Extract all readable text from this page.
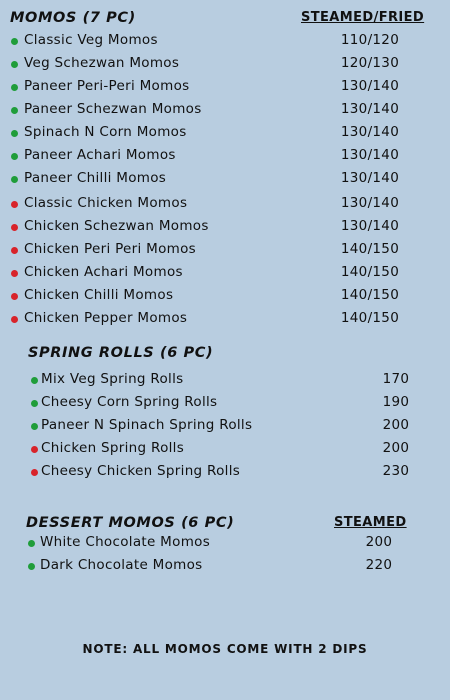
MOMOS (7 PC)	STEAMED/FRIED
Classic Veg Momos	110/120
Veg Schezwan Momos	120/130
Paneer Peri-Peri Momos	130/140
Paneer Schezwan Momos	130/140
Spinach N Corn Momos	130/140
Paneer Achari Momos	130/140
Paneer Chilli Momos	130/140
Classic Chicken Momos	130/140
Chicken Schezwan Momos	130/140
Chicken Peri Peri Momos	140/150
Chicken Achari Momos	140/150
Chicken Chilli Momos	140/150
Chicken Pepper Momos	140/150
SPRING ROLLS (6 PC)
Mix Veg Spring Rolls	170
Cheesy Corn Spring Rolls	190
Paneer N Spinach Spring Rolls	200
Chicken Spring Rolls	200
Cheesy Chicken Spring Rolls	230
DESSERT MOMOS (6 PC)	STEAMED
White Chocolate Momos	200
Dark Chocolate Momos	220
NOTE: ALL MOMOS COME WITH 2 DIPS
